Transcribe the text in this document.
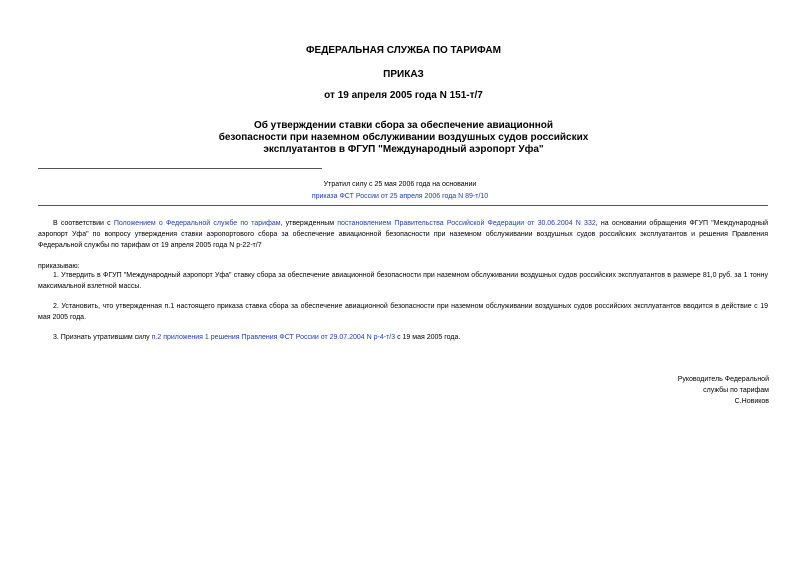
ФЕДЕРАЛЬНАЯ СЛУЖБА ПО ТАРИФАМ
ПРИКАЗ
от 19 апреля 2005 года N 151-т/7
Об утверждении ставки сбора за обеспечение авиационной
безопасности при наземном обслуживании воздушных судов российских
эксплуатантов в ФГУП "Международный аэропорт Уфа"
Утратил силу с 25 мая 2006 года на основании
приказа ФСТ России от 25 апреля 2006 года N 89-т/10
В соответствии с Положением о Федеральной службе по тарифам, утвержденным постановлением Правительства Российской Федерации от 30.06.2004 N 332, на основании обращения ФГУП "Международный аэропорт Уфа" по вопросу утверждения ставки аэропортового сбора за обеспечение авиационной безопасности при наземном обслуживании воздушных судов российских эксплуатантов и решения Правления Федеральной службы по тарифам от 19 апреля 2005 года N р-22-т/7
приказываю:
1. Утвердить в ФГУП "Международный аэропорт Уфа" ставку сбора за обеспечение авиационной безопасности при наземном обслуживании воздушных судов российских эксплуатантов в размере 81,0 руб. за 1 тонну максимальной взлетной массы.
2. Установить, что утвержденная п.1 настоящего приказа ставка сбора за обеспечение авиационной безопасности при наземном обслуживании воздушных судов российских эксплуатантов вводится в действие с 19 мая 2005 года.
3. Признать утратившим силу п.2 приложения 1 решения Правления ФСТ России от 29.07.2004 N р-4-т/3 с 19 мая 2005 года.
Руководитель Федеральной
службы по тарифам
С.Новиков
